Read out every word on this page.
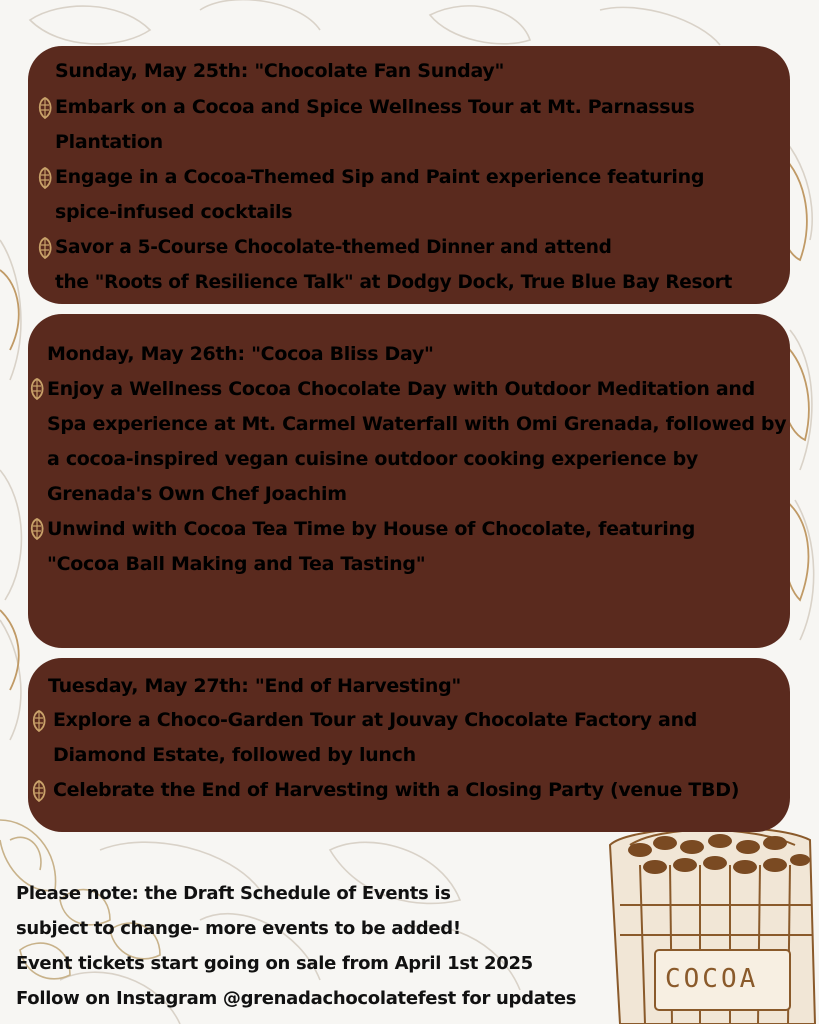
COCOA
Sunday, May 25th: "Chocolate Fan Sunday"
Embark on a Cocoa and Spice Wellness Tour at Mt. Parnassus
Plantation
Engage in a Cocoa-Themed Sip and Paint experience featuring
spice-infused cocktails
Savor a 5-Course Chocolate-themed Dinner and attend
the "Roots of Resilience Talk" at Dodgy Dock, True Blue Bay Resort
Monday, May 26th: "Cocoa Bliss Day"
Enjoy a Wellness Cocoa Chocolate Day with Outdoor Meditation and
Spa experience at Mt. Carmel Waterfall with Omi Grenada, followed by
a cocoa-inspired vegan cuisine outdoor cooking experience by
Grenada's Own Chef Joachim
Unwind with Cocoa Tea Time by House of Chocolate, featuring
"Cocoa Ball Making and Tea Tasting"
Tuesday, May 27th: "End of Harvesting"
Explore a Choco-Garden Tour at Jouvay Chocolate Factory and
Diamond Estate, followed by lunch
Celebrate the End of Harvesting with a Closing Party (venue TBD)
Please note: the Draft Schedule of Events is
subject to change- more events to be added!
Event tickets start going on sale from April 1st 2025
Follow on Instagram @grenadachocolatefest for updates
